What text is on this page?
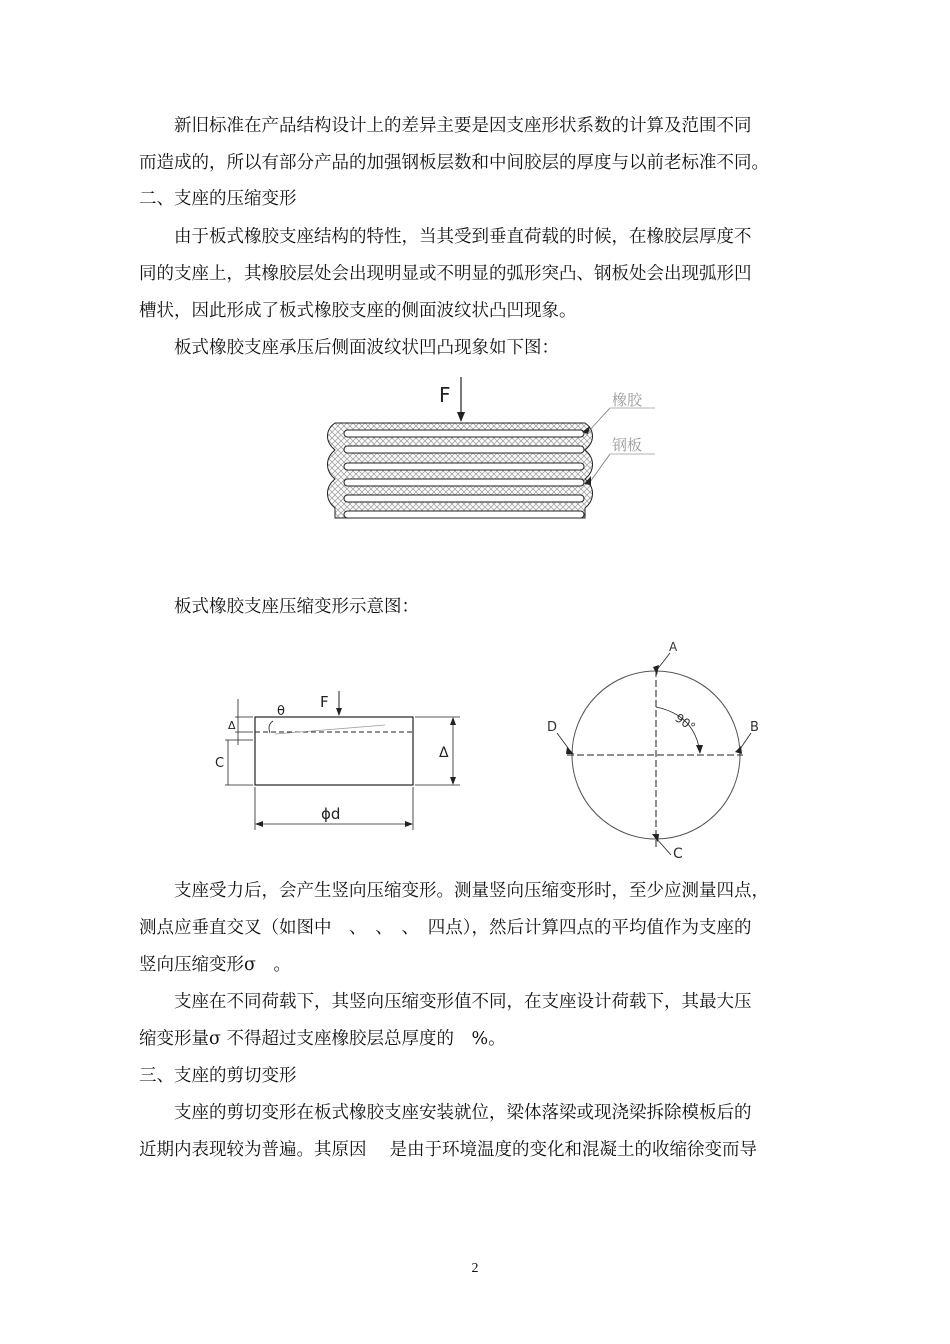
新旧标准在产品结构设计上的差异主要是因支座形状系数的计算及范围不同
而造成的，所以有部分产品的加强钢板层数和中间胶层的厚度与以前老标准不同。
二、支座的压缩变形
由于板式橡胶支座结构的特性，当其受到垂直荷载的时候，在橡胶层厚度不
同的支座上，其橡胶层处会出现明显或不明显的弧形突凸、钢板处会出现弧形凹
槽状，因此形成了板式橡胶支座的侧面波纹状凸凹现象。
板式橡胶支座承压后侧面波纹状凹凸现象如下图：
F	橡胶
钢板
板式橡胶支座压缩变形示意图：
F
θ
Δ
C
Δ
ϕd
90°
A
B
C
D
支座受力后，会产生竖向压缩变形。测量竖向压缩变形时，至少应测量四点，
测点应垂直交叉（如图中　、　、　、　四点），然后计算四点的平均值作为支座的
竖向压缩变形σ　。
支座在不同荷载下，其竖向压缩变形值不同，在支座设计荷载下，其最大压
缩变形量σ 不得超过支座橡胶层总厚度的　%。
三、支座的剪切变形
支座的剪切变形在板式橡胶支座安装就位，梁体落梁或现浇梁拆除模板后的
近期内表现较为普遍。其原因　 是由于环境温度的变化和混凝土的收缩徐变而导
2
